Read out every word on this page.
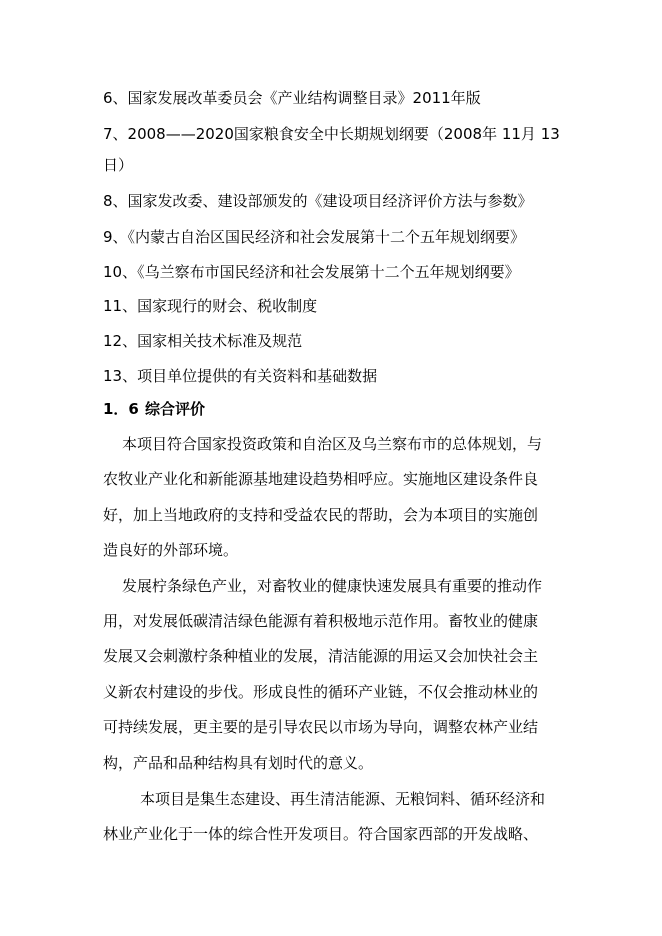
6、国家发展改革委员会《产业结构调整目录》2011年版
7、2008——2020国家粮食安全中长期规划纲要（2008年 11月 13
日）
8、国家发改委、建设部颁发的《建设项目经济评价方法与参数》
9、《内蒙古自治区国民经济和社会发展第十二个五年规划纲要》
10、《乌兰察布市国民经济和社会发展第十二个五年规划纲要》
11、国家现行的财会、税收制度
12、国家相关技术标准及规范
13、项目单位提供的有关资料和基础数据
1．6 综合评价
本项目符合国家投资政策和自治区及乌兰察布市的总体规划，与
农牧业产业化和新能源基地建设趋势相呼应。实施地区建设条件良
好，加上当地政府的支持和受益农民的帮助，会为本项目的实施创
造良好的外部环境。
发展柠条绿色产业，对畜牧业的健康快速发展具有重要的推动作
用，对发展低碳清洁绿色能源有着积极地示范作用。畜牧业的健康
发展又会刺激柠条种植业的发展，清洁能源的用运又会加快社会主
义新农村建设的步伐。形成良性的循环产业链，不仅会推动林业的
可持续发展，更主要的是引导农民以市场为导向，调整农林产业结
构，产品和品种结构具有划时代的意义。
本项目是集生态建设、再生清洁能源、无粮饲料、循环经济和
林业产业化于一体的综合性开发项目。符合国家西部的开发战略、
